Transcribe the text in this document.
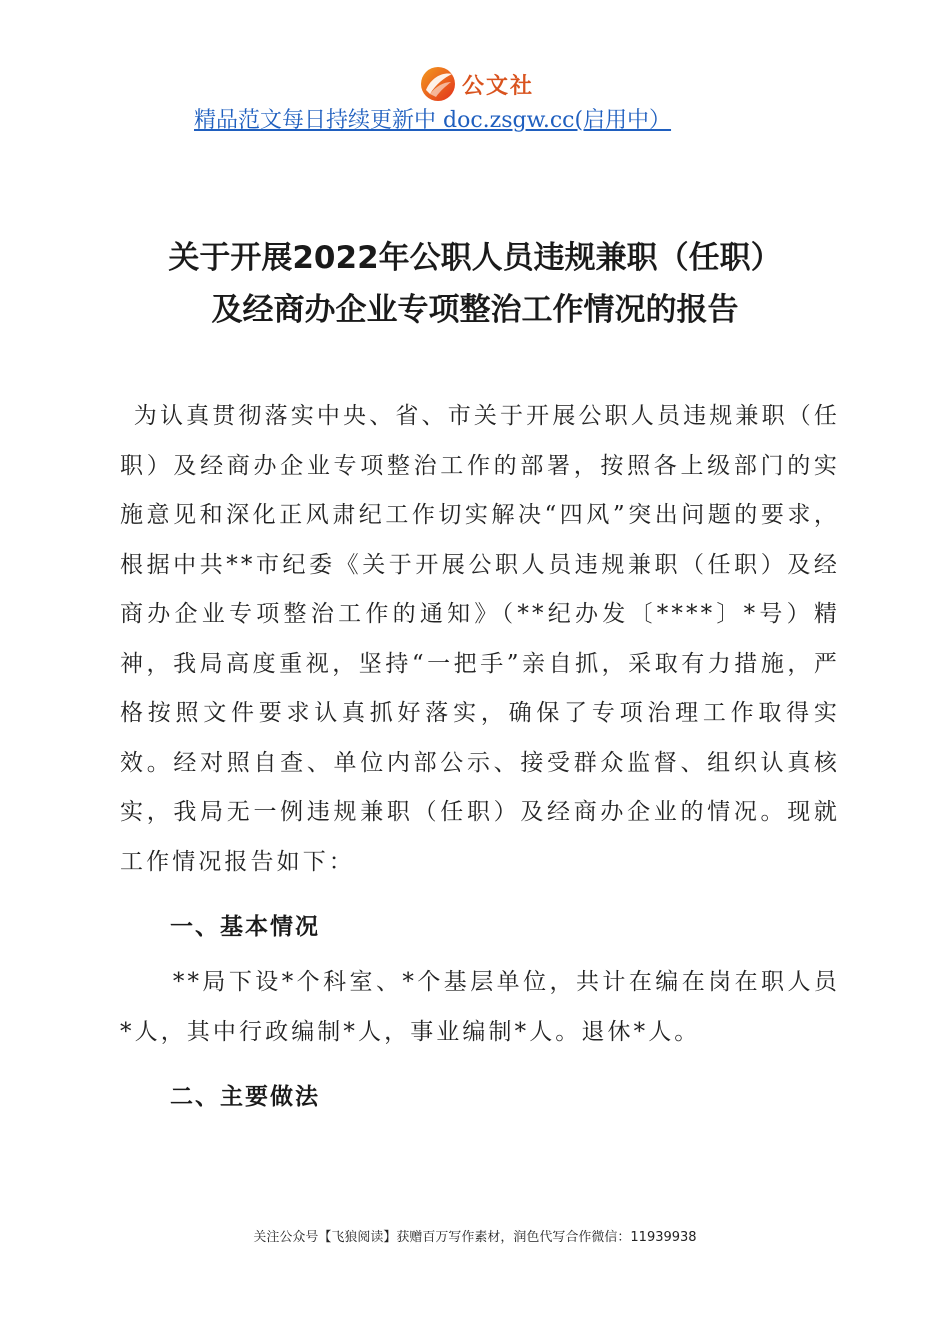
公文社
精品范文每日持续更新中 doc.zsgw.cc(启用中）
关于开展2022年公职人员违规兼职（任职）
及经商办企业专项整治工作情况的报告

为认真贯彻落实中央、省、市关于开展公职人员违规兼职（任职）及经商办企业专项整治工作的部署，按照各上级部门的实施意见和深化正风肃纪工作切实解决“四风”突出问题的要求，根据中共**市纪委《关于开展公职人员违规兼职（任职）及经商办企业专项整治工作的通知》（**纪办发〔****〕*号）精神，我局高度重视，坚持“一把手”亲自抓，采取有力措施，严格按照文件要求认真抓好落实，确保了专项治理工作取得实效。经对照自查、单位内部公示、接受群众监督、组织认真核实，我局无一例违规兼职（任职）及经商办企业的情况。现就工作情况报告如下：

一、基本情况

**局下设*个科室、*个基层单位，共计在编在岗在职人员*人，其中行政编制*人，事业编制*人。退休*人。

二、主要做法
关注公众号【飞狼阅读】获赠百万写作素材，润色代写合作微信：11939938
